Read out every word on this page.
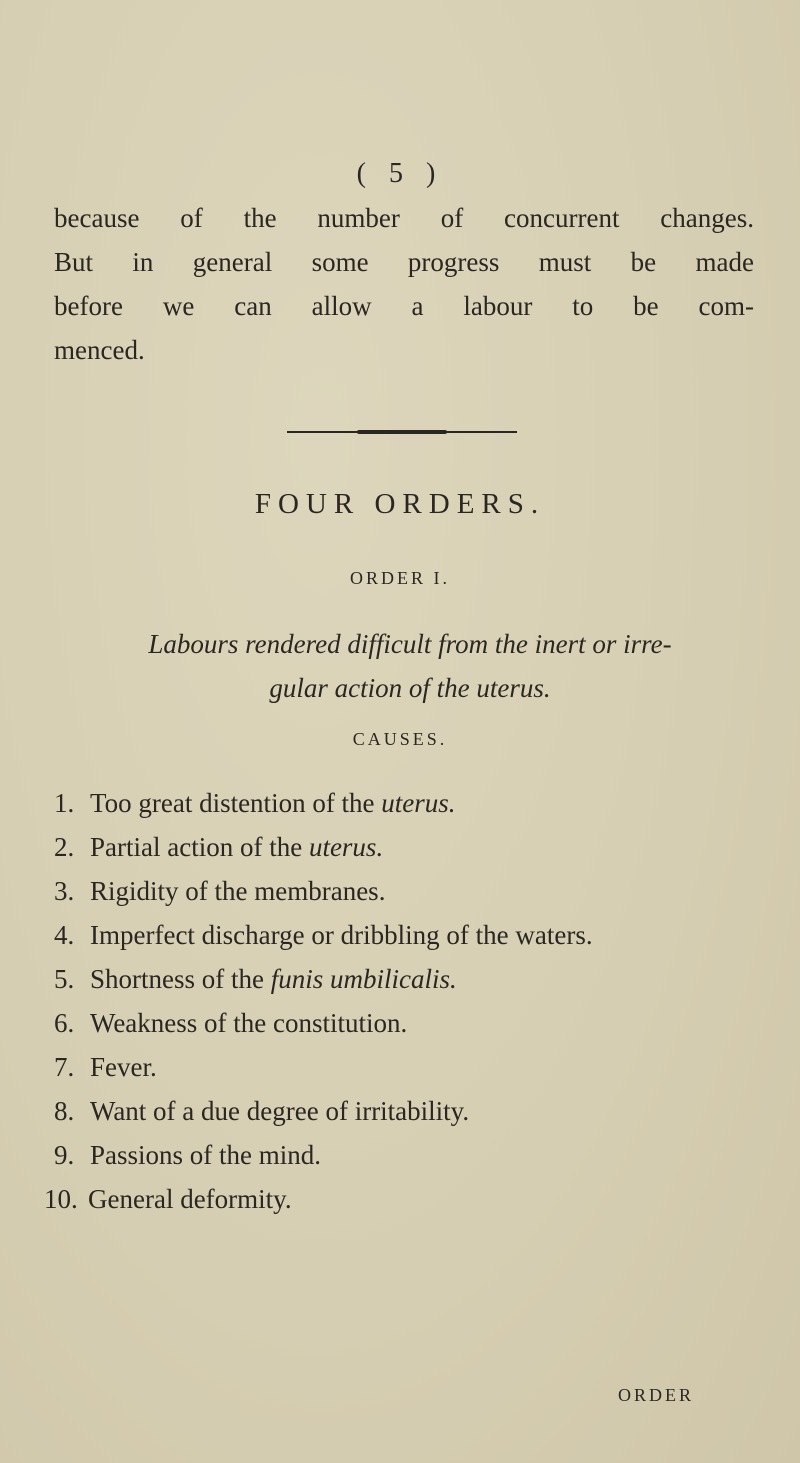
( 5 )
because of the number of concurrent changes.
But in general some progress must be made
before we can allow a labour to be com-
menced.
FOUR ORDERS.
ORDER I.
Labours rendered difficult from the inert or irre-
gular action of the uterus.
CAUSES.
1. Too great distention of the uterus.
2. Partial action of the uterus.
3. Rigidity of the membranes.
4. Imperfect discharge or dribbling of the waters.
5. Shortness of the funis umbilicalis.
6. Weakness of the constitution.
7. Fever.
8. Want of a due degree of irritability.
9. Passions of the mind.
10. General deformity.
ORDER
